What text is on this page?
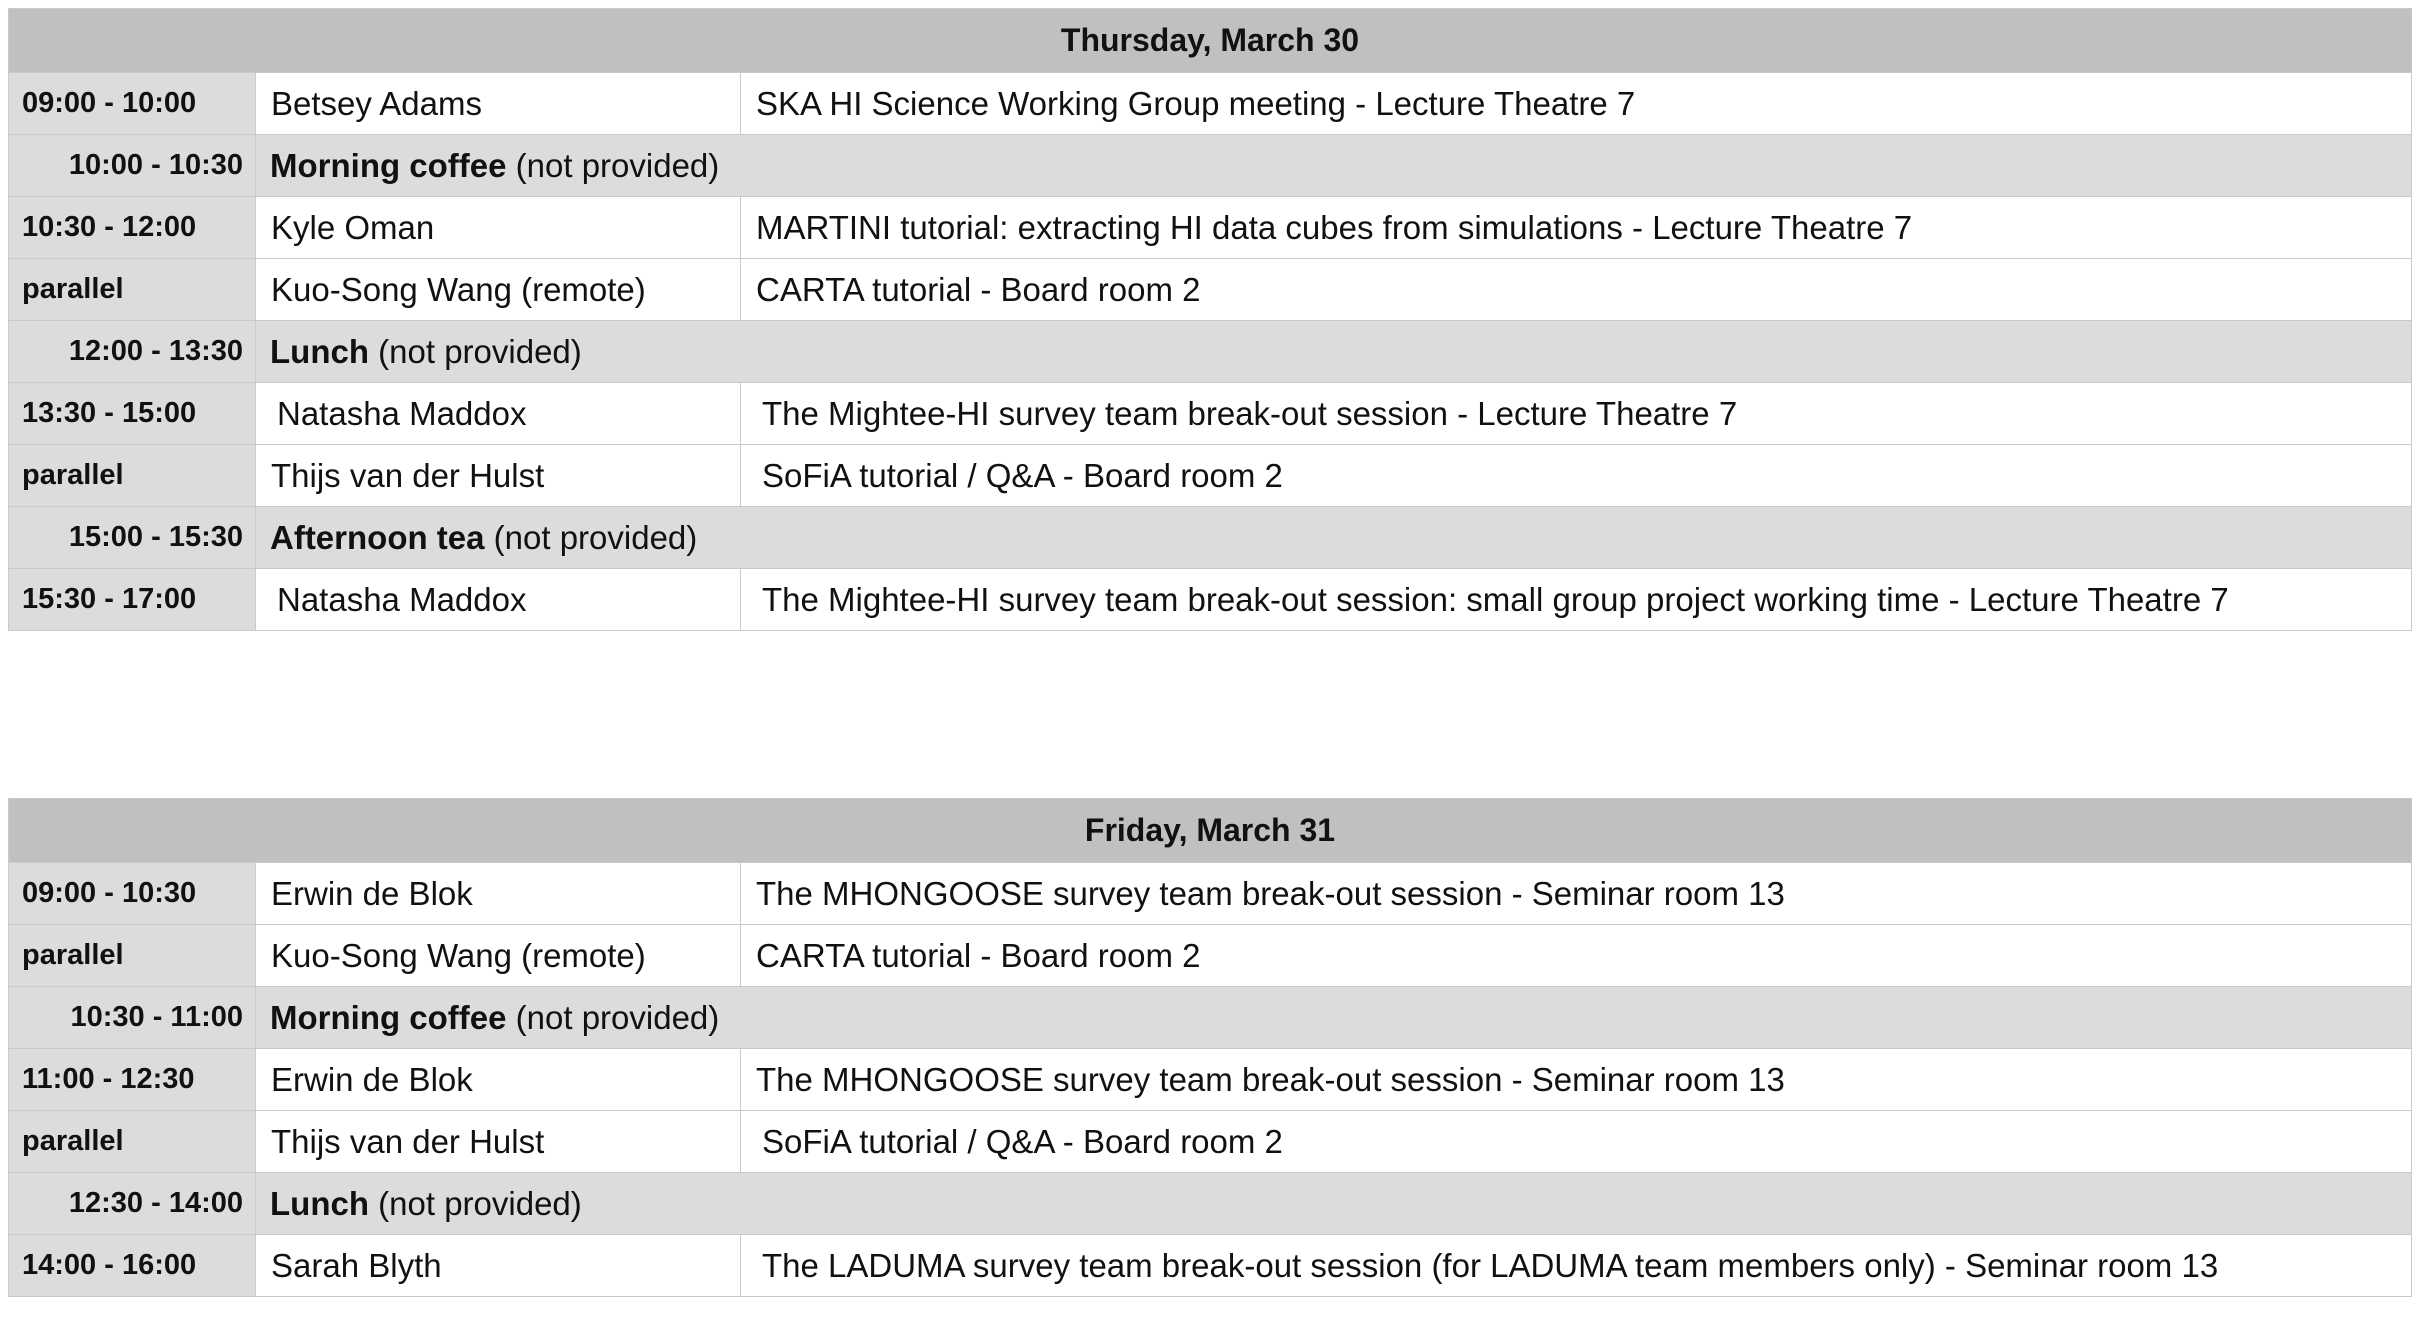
Thursday, March 30		
09:00 - 10:00	Betsey Adams	SKA HI Science Working Group meeting - Lecture Theatre 7
10:00 - 10:30	Morning coffee (not provided)	
10:30 - 12:00	Kyle Oman	MARTINI tutorial: extracting HI data cubes from simulations - Lecture Theatre 7
parallel	Kuo-Song Wang (remote)	CARTA tutorial - Board room 2
12:00 - 13:30	Lunch (not provided)	
13:30 - 15:00	Natasha Maddox	The Mightee-HI survey team break-out session - Lecture Theatre 7
parallel	Thijs van der Hulst	SoFiA tutorial / Q&A - Board room 2
15:00 - 15:30	Afternoon tea (not provided)	
15:30 - 17:00	Natasha Maddox	The Mightee-HI survey team break-out session: small group project working time - Lecture Theatre 7
Friday, March 31		
09:00 - 10:30	Erwin de Blok	The MHONGOOSE survey team break-out session - Seminar room 13
parallel	Kuo-Song Wang (remote)	CARTA tutorial - Board room 2
10:30 - 11:00	Morning coffee (not provided)	
11:00 - 12:30	Erwin de Blok	The MHONGOOSE survey team break-out session - Seminar room 13
parallel	Thijs van der Hulst	SoFiA tutorial / Q&A - Board room 2
12:30 - 14:00	Lunch (not provided)	
14:00 - 16:00	Sarah Blyth	The LADUMA survey team break-out session (for LADUMA team members only) - Seminar room 13
